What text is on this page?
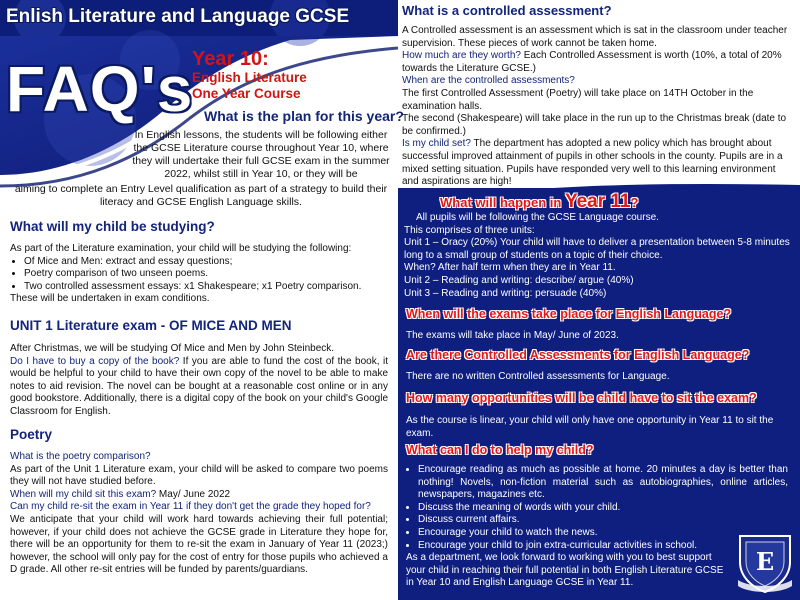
Enlish Literature and Language GCSE
FAQ's
Year 10:
English Literature
One Year Course
What is the plan for this year?
In English lessons, the students will be following either the GCSE Literature course throughout Year 10, where they will undertake their full GCSE exam in the summer 2022, whilst still in Year 10, or they will be
aiming to complete an Entry Level qualification as part of a strategy to build their literacy and GCSE English Language skills.
What will my child be studying?
As part of the Literature examination, your child will be studying the following:
• Of Mice and Men: extract and essay questions;
• Poetry comparison of two unseen poems.
• Two controlled assessment essays: x1 Shakespeare; x1 Poetry comparison.
These will be undertaken in exam conditions.
UNIT 1 Literature exam - OF MICE AND MEN
After Christmas, we will be studying Of Mice and Men by John Steinbeck.
Do I have to buy a copy of the book? If you are able to fund the cost of the book, it would be helpful to your child to have their own copy of the novel to be able to make notes to aid revision. The novel can be bought at a reasonable cost online or in any good bookstore. Additionally, there is a digital copy of the book on your child's Google Classroom for English.
Poetry
What is the poetry comparison?
As part of the Unit 1 Literature exam, your child will be asked to compare two poems they will not have studied before.
When will my child sit this exam? May/ June 2022
Can my child re-sit the exam in Year 11 if they don't get the grade they hoped for?
We anticipate that your child will work hard towards achieving their full potential; however, if your child does not achieve the GCSE grade in Literature they hope for, there will be an opportunity for them to re-sit the exam in January of Year 11 (2023;) however, the school will only pay for the cost of entry for those pupils who achieved a D grade. All other re-sit entries will be funded by parents/guardians.
What is a controlled assessment?
A Controlled assessment is an assessment which is sat in the classroom under teacher supervision. These pieces of work cannot be taken home.
How much are they worth? Each Controlled Assessment is worth (10%, a total of 20% towards the Literature GCSE.)
When are the controlled assessments?
The first Controlled Assessment (Poetry) will take place on 14TH October in the examination halls.
The second (Shakespeare) will take place in the run up to the Christmas break (date to be confirmed.)
Is my child set? The department has adopted a new policy which has brought about successful improved attainment of pupils in other schools in the county. Pupils are in a mixed setting situation. Pupils have responded very well to this learning environment and aspirations are high!
What will happen in Year 11?
All pupils will be following the GCSE Language course.
This comprises of three units:
Unit 1 – Oracy (20%) Your child will have to deliver a presentation between 5-8 minutes long to a small group of students on a topic of their choice.
When? After half term when they are in Year 11.
Unit 2 – Reading and writing: describe/ argue (40%)
Unit 3 – Reading and writing: persuade (40%)
When will the exams take place for English Language?
The exams will take place in May/ June of 2023.
Are there Controlled Assessments for English Language?
There are no written Controlled assessments for Language.
How many opportunities will be child have to sit the exam?
As the course is linear, your child will only have one opportunity in Year 11 to sit the exam.
What can I do to help my child?
• Encourage reading as much as possible at home. 20 minutes a day is better than nothing! Novels, non-fiction material such as autobiographies, online articles, newspapers, magazines etc.
• Discuss the meaning of words with your child.
• Discuss current affairs.
• Encourage your child to watch the news.
• Encourage your child to join extra-curricular activities in school.
As a department, we look forward to working with you to best support your child in reaching their full potential in both English Literature GCSE in Year 10 and English Language GCSE in Year 11.
E
